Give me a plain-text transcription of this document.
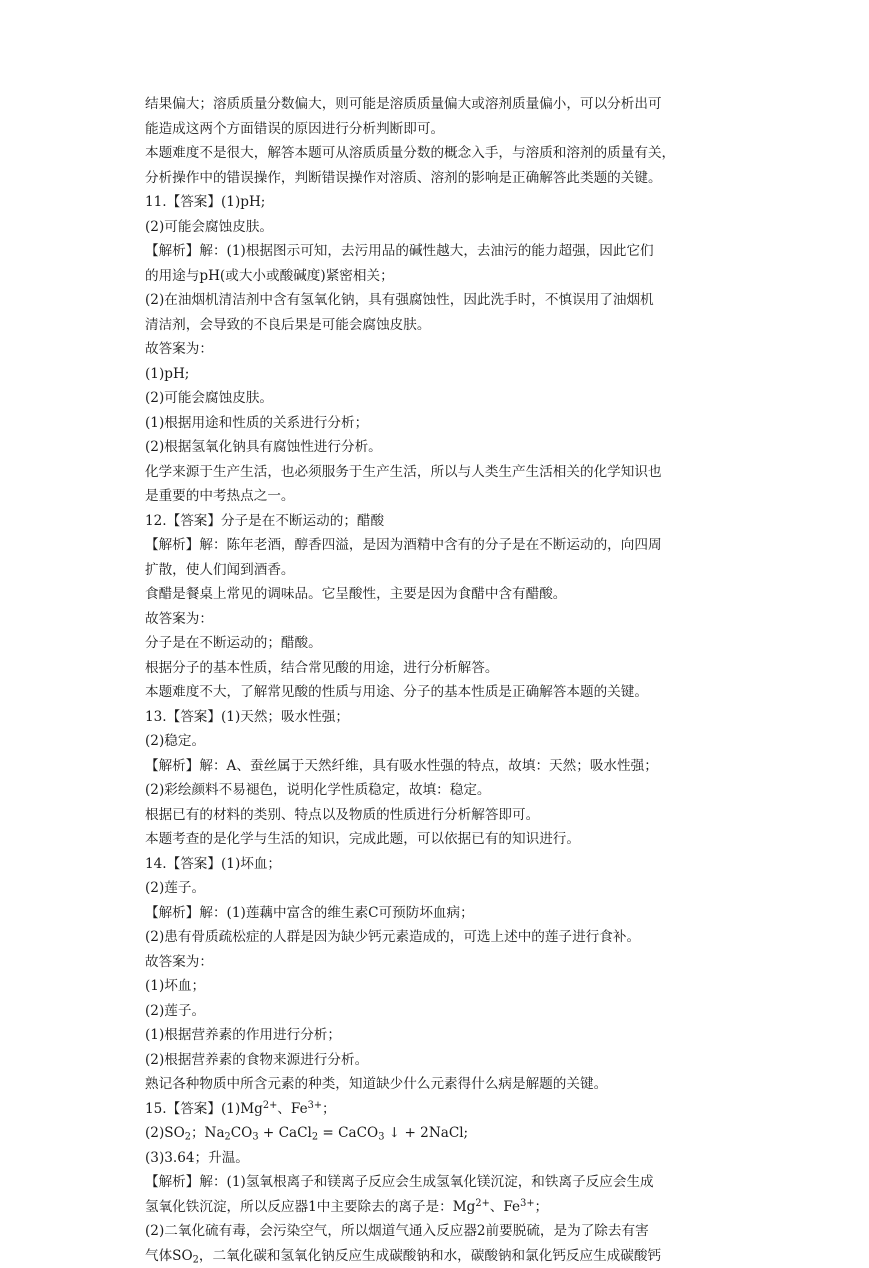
结果偏大；溶质质量分数偏大，则可能是溶质质量偏大或溶剂质量偏小，可以分析出可
能造成这两个方面错误的原因进行分析判断即可。
本题难度不是很大，解答本题可从溶质质量分数的概念入手，与溶质和溶剂的质量有关，
分析操作中的错误操作，判断错误操作对溶质、溶剂的影响是正确解答此类题的关键。
11.【答案】(1)pH;
(2)可能会腐蚀皮肤。
【解析】解：(1)根据图示可知，去污用品的碱性越大，去油污的能力超强，因此它们
的用途与pH(或大小或酸碱度)紧密相关；
(2)在油烟机清洁剂中含有氢氧化钠，具有强腐蚀性，因此洗手时，不慎误用了油烟机
清洁剂，会导致的不良后果是可能会腐蚀皮肤。
故答案为：
(1)pH;
(2)可能会腐蚀皮肤。
(1)根据用途和性质的关系进行分析；
(2)根据氢氧化钠具有腐蚀性进行分析。
化学来源于生产生活，也必须服务于生产生活，所以与人类生产生活相关的化学知识也
是重要的中考热点之一。
12.【答案】分子是在不断运动的；醋酸
【解析】解：陈年老酒，醇香四溢，是因为酒精中含有的分子是在不断运动的，向四周
扩散，使人们闻到酒香。
食醋是餐桌上常见的调味品。它呈酸性，主要是因为食醋中含有醋酸。
故答案为：
分子是在不断运动的；醋酸。
根据分子的基本性质，结合常见酸的用途，进行分析解答。
本题难度不大，了解常见酸的性质与用途、分子的基本性质是正确解答本题的关键。
13.【答案】(1)天然；吸水性强；
(2)稳定。
【解析】解：A、蚕丝属于天然纤维，具有吸水性强的特点，故填：天然；吸水性强；
(2)彩绘颜料不易褪色，说明化学性质稳定，故填：稳定。
根据已有的材料的类别、特点以及物质的性质进行分析解答即可。
本题考查的是化学与生活的知识，完成此题，可以依据已有的知识进行。
14.【答案】(1)坏血；
(2)莲子。
【解析】解：(1)莲藕中富含的维生素C可预防坏血病；
(2)患有骨质疏松症的人群是因为缺少钙元素造成的，可选上述中的莲子进行食补。
故答案为：
(1)坏血；
(2)莲子。
(1)根据营养素的作用进行分析；
(2)根据营养素的食物来源进行分析。
熟记各种物质中所含元素的种类，知道缺少什么元素得什么病是解题的关键。
15.【答案】$(1)Mg^{2+}$、$Fe^{3+}$；
$(2)SO_2$；$Na_2CO_3$ + CaCl$_2$ = CaCO$_3$ ↓ + 2NaCl;
(3)3.64；升温。
【解析】解：(1)氢氧根离子和镁离子反应会生成氢氧化镁沉淀，和铁离子反应会生成
氢氧化铁沉淀，所以反应器1中主要除去的离子是：$Mg^{2+}$、$Fe^{3+}$；
(2)二氧化硫有毒，会污染空气，所以烟道气通入反应器2前要脱硫，是为了除去有害
气体$SO_2$，二氧化碳和氢氧化钠反应生成碳酸钠和水，碳酸钠和氯化钙反应生成碳酸钙
